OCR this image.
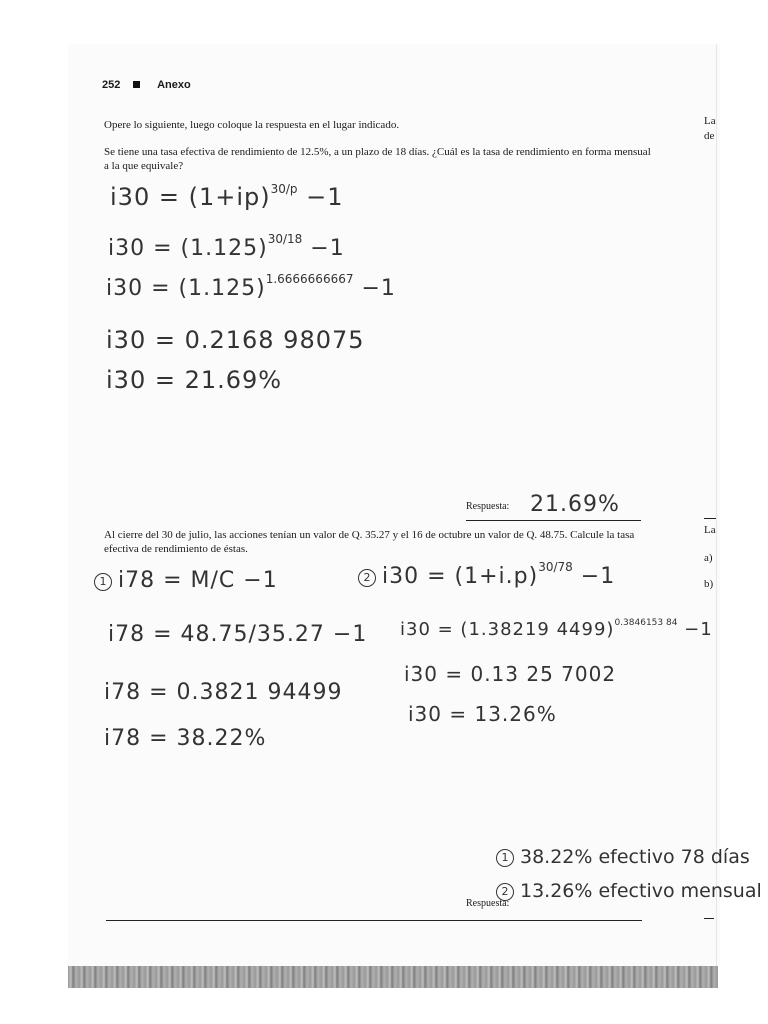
252	Anexo
Opere lo siguiente, luego coloque la respuesta en el lugar indicado.
Se tiene una tasa efectiva de rendimiento de 12.5%, a un plazo de 18 días. ¿Cuál es la tasa de rendimiento en forma mensual a la que equivale?
$i30 = (1+ip)^{30/p} -1$
$i30 = (1.125)^{30/18} -1$
$i30 = (1.125)^{1.6666666667} -1$
i30 = 0.2168 98075
i30 = 21.69%
Respuesta: 21.69%
Al cierre del 30 de julio, las acciones tenían un valor de Q. 35.27 y el 16 de octubre un valor de Q. 48.75. Calcule la tasa efectiva de rendimiento de éstas.
1 i78 = M/C −1
i78 = 48.75/35.27 −1
i78 = 0.3821 94499
i78 = 38.22%
2 $i30 = (1+i.p)^{30/78} -1$
i30 = (1.38219 4499)$^{0.3846153 84}$ −1
i30 = 0.13 25 7002
i30 = 13.26%
1 38.22% efectivo 78 días
2 13.26% efectivo mensual
Respuesta:
La
de
La
a)
b)
